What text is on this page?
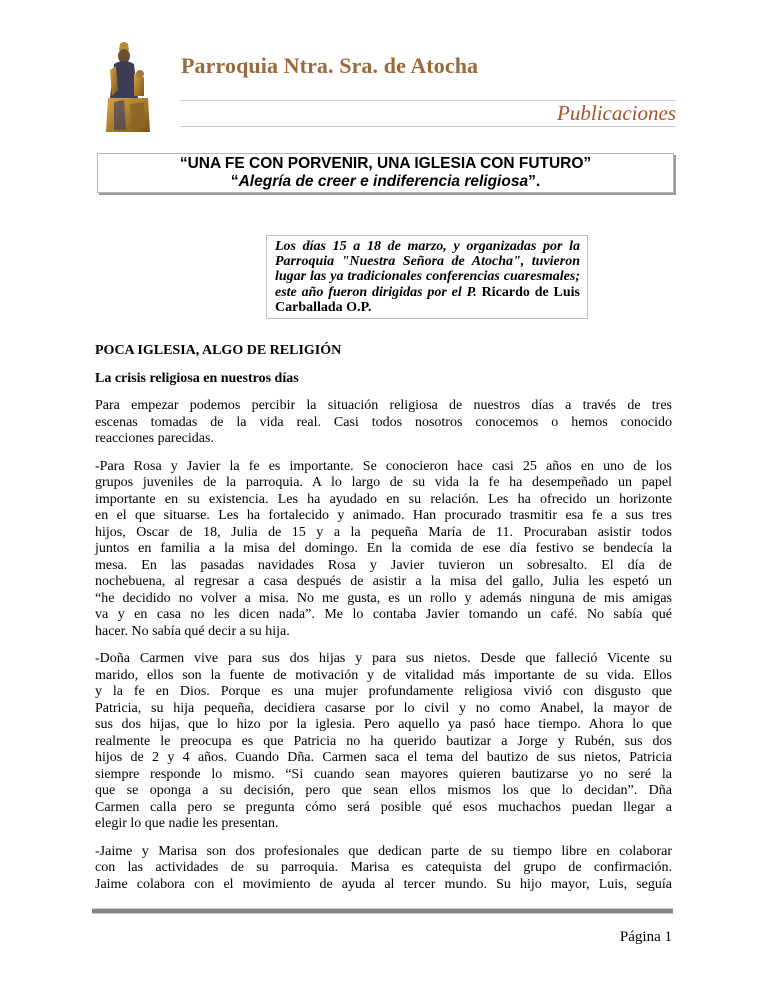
Parroquia Ntra. Sra. de Atocha
Publicaciones
“UNA FE CON PORVENIR, UNA IGLESIA CON FUTURO”
“Alegría de creer e indiferencia religiosa”.
Los días 15 a 18 de marzo, y organizadas por la
Parroquia "Nuestra Señora de Atocha", tuvieron
lugar las ya tradicionales conferencias cuaresmales;
este año fueron dirigidas por el P. Ricardo de Luis
Carballada O.P.
POCA IGLESIA, ALGO DE RELIGIÓN
La crisis religiosa en nuestros días
Para empezar podemos percibir la situación religiosa de nuestros días a través de tres
escenas tomadas de la vida real. Casi todos nosotros conocemos o hemos conocido
reacciones parecidas.
-Para Rosa y Javier la fe es importante. Se conocieron hace casi 25 años en uno de los
grupos juveniles de la parroquia. A lo largo de su vida la fe ha desempeñado un papel
importante en su existencia. Les ha ayudado en su relación. Les ha ofrecido un horizonte
en el que situarse. Les ha fortalecido y animado. Han procurado trasmitir esa fe a sus tres
hijos, Oscar de 18, Julia de 15 y a la pequeña María de 11. Procuraban asistir todos
juntos en familia a la misa del domingo. En la comida de ese día festivo se bendecía la
mesa. En las pasadas navidades Rosa y Javier tuvieron un sobresalto. El día de
nochebuena, al regresar a casa después de asistir a la misa del gallo, Julia les espetó un
“he decidido no volver a misa. No me gusta, es un rollo y además ninguna de mis amigas
va y en casa no les dicen nada”. Me lo contaba Javier tomando un café. No sabía qué
hacer. No sabía qué decir a su hija.
-Doña Carmen vive para sus dos hijas y para sus nietos. Desde que falleció Vicente su
marido, ellos son la fuente de motivación y de vitalidad más importante de su vida. Ellos
y la fe en Dios. Porque es una mujer profundamente religiosa vivió con disgusto que
Patricia, su hija pequeña, decidiera casarse por lo civil y no como Anabel, la mayor de
sus dos hijas, que lo hizo por la iglesia. Pero aquello ya pasó hace tiempo. Ahora lo que
realmente le preocupa es que Patricia no ha querido bautizar a Jorge y Rubén, sus dos
hijos de 2 y 4 años. Cuando Dña. Carmen saca el tema del bautizo de sus nietos, Patricia
siempre responde lo mismo. “Si cuando sean mayores quieren bautizarse yo no seré la
que se oponga a su decisión, pero que sean ellos mismos los que lo decidan”. Dña
Carmen calla pero se pregunta cómo será posible qué esos muchachos puedan llegar a
elegir lo que nadie les presentan.
-Jaime y Marisa son dos profesionales que dedican parte de su tiempo libre en colaborar
con las actividades de su parroquia. Marisa es catequista del grupo de confirmación.
Jaime colabora con el movimiento de ayuda al tercer mundo. Su hijo mayor, Luis, seguía
Página 1
